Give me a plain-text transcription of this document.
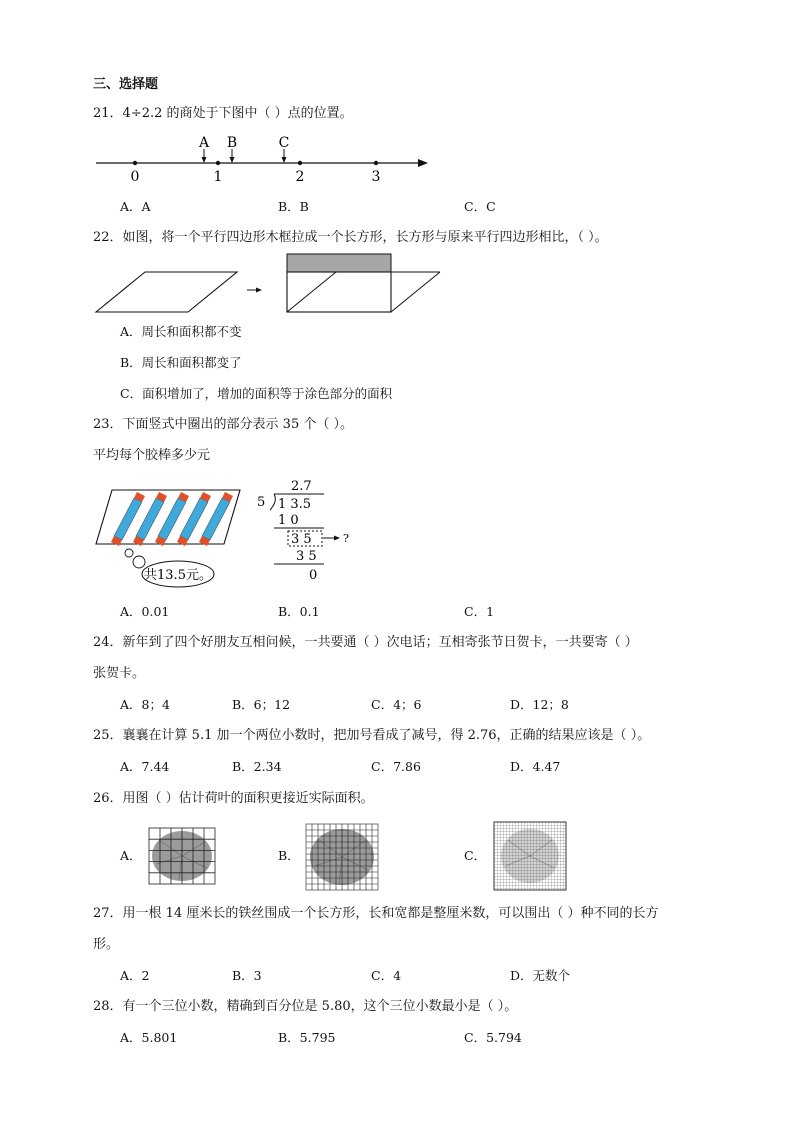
三、选择题
21．4÷2.2 的商处于下图中（ ）点的位置。
0	1	2	3
A B	C
A．A	B．B	C．C
22．如图，将一个平行四边形木框拉成一个长方形，长方形与原来平行四边形相比，（ ）。
A．周长和面积都不变
B．周长和面积都变了
C．面积增加了，增加的面积等于涂色部分的面积
23．下面竖式中圈出的部分表示 35 个（ ）。
平均每个胶棒多少元
共13.5元。
2.7
5 1 3.5
1 0
3 5	?
3 5
0
A．0.01	B．0.1	C．1
24．新年到了四个好朋友互相问候，一共要通（ ）次电话；互相寄张节日贺卡，一共要寄（ ）
张贺卡。
A．8；4	B．6；12	C．4；6	D．12；8
25．襄襄在计算 5.1 加一个两位小数时，把加号看成了减号，得 2.76，正确的结果应该是（ ）。
A．7.44	B．2.34	C．7.86	D．4.47
26．用图（ ）估计荷叶的面积更接近实际面积。
A．	B．	C．
27．用一根 14 厘米长的铁丝围成一个长方形，长和宽都是整厘米数，可以围出（ ）种不同的长方
形。
A．2	B．3	C．4	D．无数个
28．有一个三位小数，精确到百分位是 5.80，这个三位小数最小是（ ）。
A．5.801	B．5.795	C．5.794
